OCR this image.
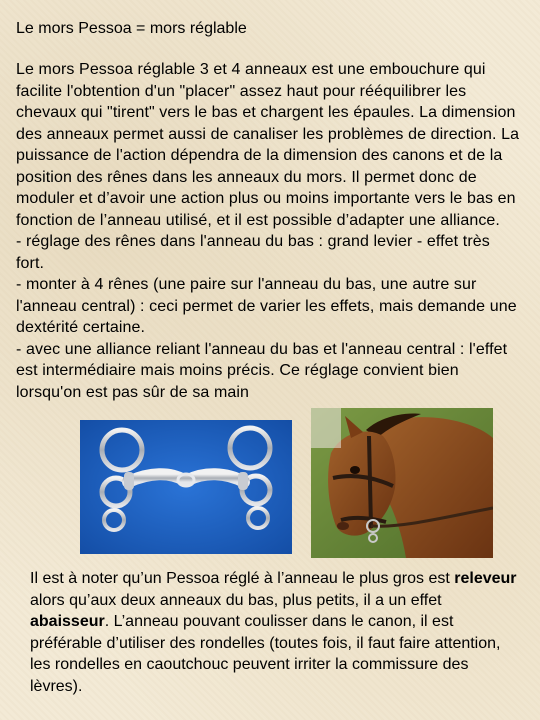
Le mors Pessoa = mors réglable

Le mors Pessoa réglable 3 et 4 anneaux est une embouchure qui facilite l'obtention d'un "placer" assez haut pour rééquilibrer les chevaux qui "tirent" vers le bas et chargent les épaules. La dimension des anneaux permet aussi de canaliser les problèmes de direction. La puissance de l'action dépendra de la dimension des canons et de la position des rênes dans les anneaux du mors. Il permet donc de moduler et d’avoir une action plus ou moins importante vers le bas en fonction de l’anneau utilisé, et il est possible d’adapter une alliance.

- réglage des rênes dans l'anneau du bas : grand levier - effet très fort.

- monter à 4 rênes (une paire sur l'anneau du bas, une autre sur l'anneau central) : ceci permet de varier les effets, mais demande une dextérité certaine.

- avec une alliance reliant l'anneau du bas et l'anneau central : l'effet est intermédiaire mais moins précis. Ce réglage convient bien lorsqu'on est pas sûr de sa main

Il est à noter qu’un Pessoa réglé à l’anneau le plus gros est releveur alors qu’aux deux anneaux du bas, plus petits, il a un effet abaisseur. L’anneau pouvant coulisser dans le canon, il est préférable d’utiliser des rondelles (toutes fois, il faut faire attention, les rondelles en caoutchouc peuvent irriter la commissure des lèvres).
